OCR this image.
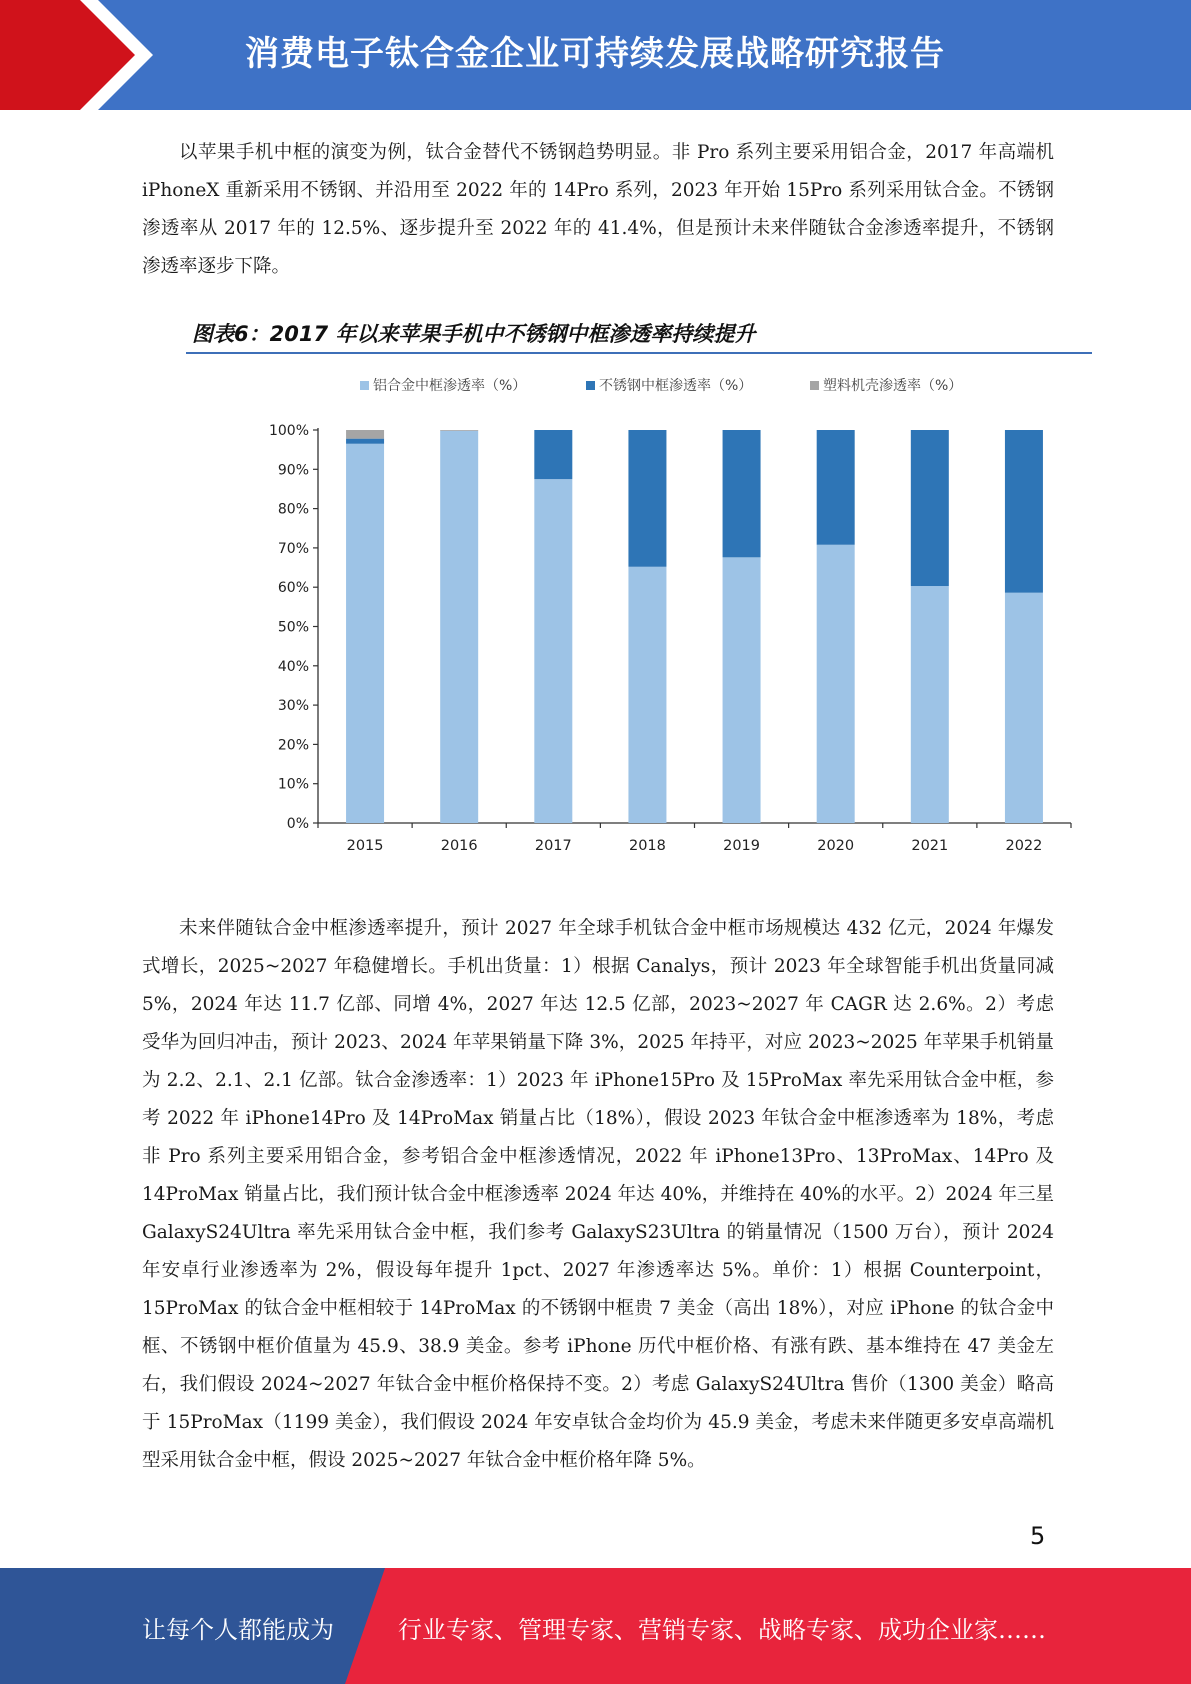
消费电子钛合金企业可持续发展战略研究报告
以苹果手机中框的演变为例，钛合金替代不锈钢趋势明显。非 Pro 系列主要采用铝合金，2017 年高端机 iPhoneX 重新采用不锈钢、并沿用至 2022 年的 14Pro 系列，2023 年开始 15Pro 系列采用钛合金。不锈钢渗透率从 2017 年的 12.5%、逐步提升至 2022 年的 41.4%，但是预计未来伴随钛合金渗透率提升，不锈钢渗透率逐步下降。
图表6：2017 年以来苹果手机中不锈钢中框渗透率持续提升
铝合金中框渗透率（%）	不锈钢中框渗透率（%）	塑料机壳渗透率（%）
0%
10%
20%
30%
40%
50%
60%
70%
80%
90%
100%
2015	2016	2017	2018	2019	2020	2021	2022
未来伴随钛合金中框渗透率提升，预计 2027 年全球手机钛合金中框市场规模达 432 亿元，2024 年爆发式增长，2025~2027 年稳健增长。手机出货量：1）根据 Canalys，预计 2023 年全球智能手机出货量同减 5%，2024 年达 11.7 亿部、同增 4%，2027 年达 12.5 亿部，2023~2027 年 CAGR 达 2.6%。2）考虑受华为回归冲击，预计 2023、2024 年苹果销量下降 3%，2025 年持平，对应 2023~2025 年苹果手机销量为 2.2、2.1、2.1 亿部。钛合金渗透率：1）2023 年 iPhone15Pro 及 15ProMax 率先采用钛合金中框，参考 2022 年 iPhone14Pro 及 14ProMax 销量占比（18%），假设 2023 年钛合金中框渗透率为 18%，考虑非 Pro 系列主要采用铝合金，参考铝合金中框渗透情况，2022 年 iPhone13Pro、13ProMax、14Pro 及 14ProMax 销量占比，我们预计钛合金中框渗透率 2024 年达 40%，并维持在 40%的水平。2）2024 年三星 GalaxyS24Ultra 率先采用钛合金中框，我们参考 GalaxyS23Ultra 的销量情况（1500 万台），预计 2024 年安卓行业渗透率为 2%，假设每年提升 1pct、2027 年渗透率达 5%。单价：1）根据 Counterpoint，15ProMax 的钛合金中框相较于 14ProMax 的不锈钢中框贵 7 美金（高出 18%），对应 iPhone 的钛合金中框、不锈钢中框价值量为 45.9、38.9 美金。参考 iPhone 历代中框价格、有涨有跌、基本维持在 47 美金左右，我们假设 2024~2027 年钛合金中框价格保持不变。2）考虑 GalaxyS24Ultra 售价（1300 美金）略高于 15ProMax（1199 美金），我们假设 2024 年安卓钛合金均价为 45.9 美金，考虑未来伴随更多安卓高端机型采用钛合金中框，假设 2025~2027 年钛合金中框价格年降 5%。
5
让每个人都能成为	行业专家、管理专家、营销专家、战略专家、成功企业家……
